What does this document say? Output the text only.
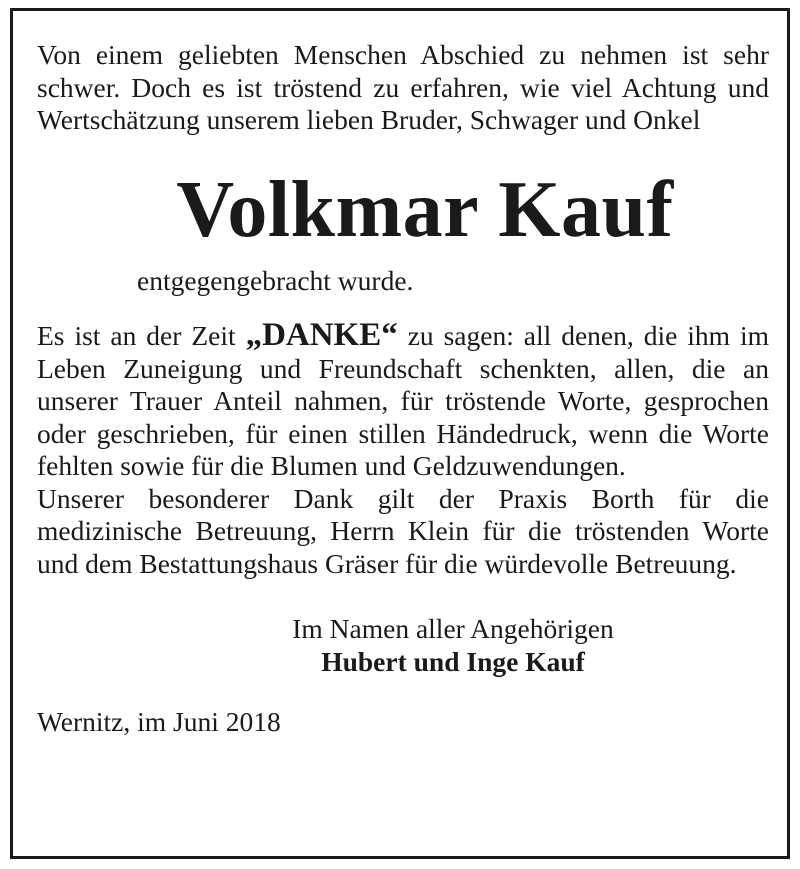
Von einem geliebten Menschen Abschied zu nehmen ist sehr schwer. Doch es ist tröstend zu erfahren, wie viel Achtung und Wertschätzung unserem lieben Bruder, Schwager und Onkel

Volkmar Kauf
entgegengebracht wurde.

Es ist an der Zeit „DANKE“ zu sagen: all denen, die ihm im Leben Zuneigung und Freundschaft schenkten, allen, die an unserer Trauer Anteil nahmen, für tröstende Worte, gesprochen oder geschrieben, für einen stillen Händedruck, wenn die Worte fehlten sowie für die Blumen und Geldzuwendungen.

Unserer besonderer Dank gilt der Praxis Borth für die medizinische Betreuung, Herrn Klein für die tröstenden Worte und dem Bestattungshaus Gräser für die würdevolle Betreuung.

Im Namen aller Angehörigen
Hubert und Inge Kauf
Wernitz, im Juni 2018
